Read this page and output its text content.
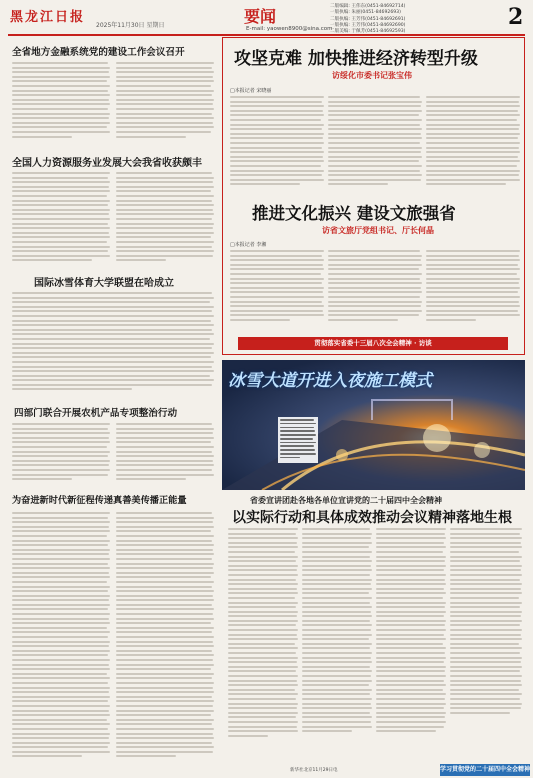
黑龙江日报
2025年11月30日 星期日	要闻
E-mail: yaowen8900@sina.com
二版编辑: 王伟东(0451-84692714)
一版执编: 朱丽(0451-84692693)
二版执编: 王芳伟(0451-84692691)
一版执编: 王芳伟(0451-84692690)
二版美编: 于佩芳(0451-84692593)
2
全省地方金融系统党的建设工作会议召开
全国人力资源服务业发展大会我省收获颇丰
国际冰雪体育大学联盟在哈成立
四部门联合开展农机产品专项整治行动
为奋进新时代新征程传递真善美传播正能量
攻坚克难 加快推进经济转型升级
访绥化市委书记张宝伟
□本报记者 宋晓丽
推进文化振兴 建设文旅强省
访省文旅厅党组书记、厅长何晶
□本报记者 李湘
贯彻落实省委十三届八次全会精神 · 访谈
冰雪大道开进入夜施工模式
省委宣讲团赴各地各单位宣讲党的二十届四中全会精神
以实际行动和具体成效推动会议精神落地生根
新华社北京11月29日电	学习贯彻党的二十届四中全会精神
